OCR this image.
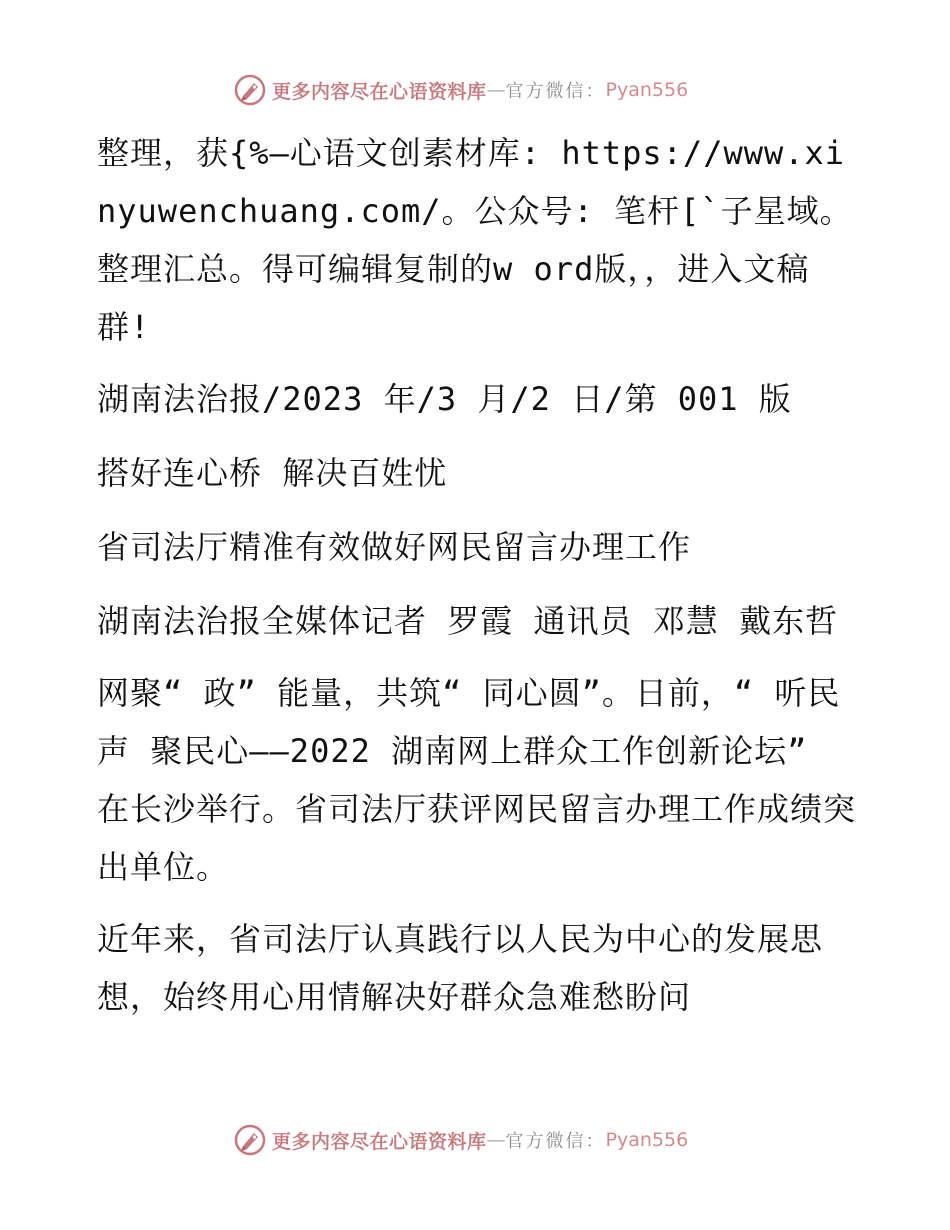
更多内容尽在心语资料库 — 官方微信： Pyan556

整理，获{%—心语文创素材库: https://www.xinyuwenchuang.com/。公众号: 笔杆[`子星域。整理汇总。得可编辑复制的w ord版，，进入文稿群!

湖南法治报/2023 年/3 月/2 日/第 001 版

搭好连心桥 解决百姓忧

省司法厅精准有效做好网民留言办理工作

湖南法治报全媒体记者 罗霞 通讯员 邓慧 戴东哲

网聚“ 政” 能量，共筑“ 同心圆”。日前，“ 听民声 聚民心——2022 湖南网上群众工作创新论坛” 在长沙举行。省司法厅获评网民留言办理工作成绩突出单位。

近年来，省司法厅认真践行以人民为中心的发展思想，始终用心用情解决好群众急难愁盼问

更多内容尽在心语资料库 — 官方微信： Pyan556
